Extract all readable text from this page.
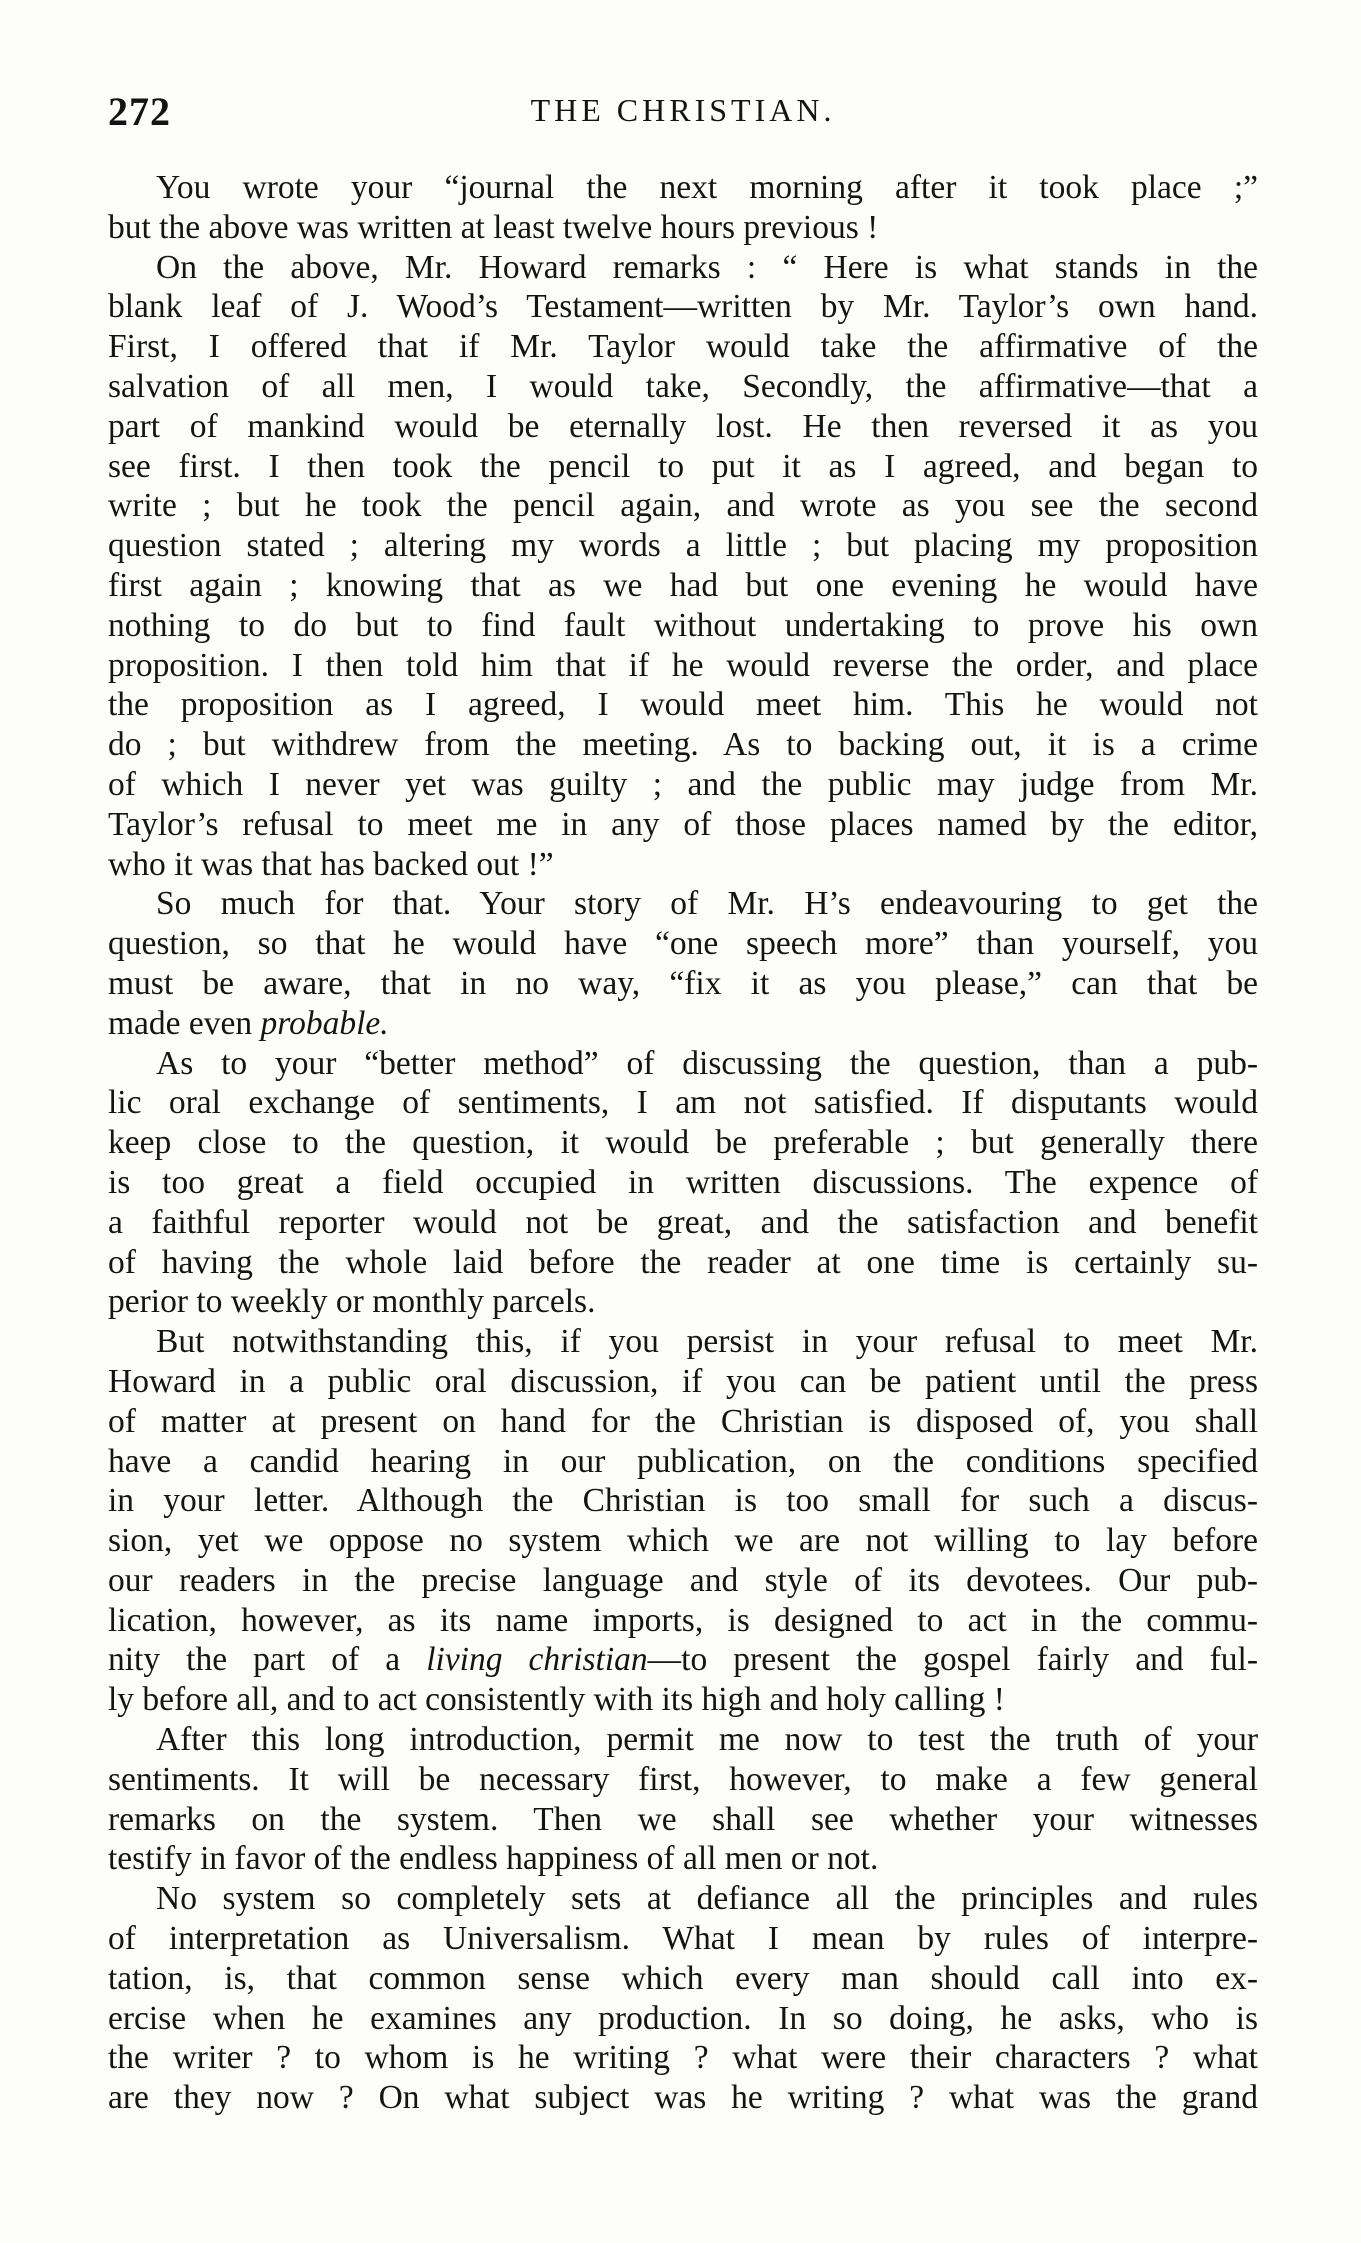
272	THE CHRISTIAN.
You wrote your “journal the next morning after it took place ;”
but the above was written at least twelve hours previous !
On the above, Mr. Howard remarks : “ Here is what stands in the
blank leaf of J. Wood’s Testament—written by Mr. Taylor’s own hand.
First, I offered that if Mr. Taylor would take the affirmative of the
salvation of all men, I would take, Secondly, the affirmative—that a
part of mankind would be eternally lost. He then reversed it as you
see first. I then took the pencil to put it as I agreed, and began to
write ; but he took the pencil again, and wrote as you see the second
question stated ; altering my words a little ; but placing my proposition
first again ; knowing that as we had but one evening he would have
nothing to do but to find fault without undertaking to prove his own
proposition. I then told him that if he would reverse the order, and place
the proposition as I agreed, I would meet him. This he would not
do ; but withdrew from the meeting. As to backing out, it is a crime
of which I never yet was guilty ; and the public may judge from Mr.
Taylor’s refusal to meet me in any of those places named by the editor,
who it was that has backed out !”
So much for that. Your story of Mr. H’s endeavouring to get the
question, so that he would have “one speech more” than yourself, you
must be aware, that in no way, “fix it as you please,” can that be
made even probable.
As to your “better method” of discussing the question, than a pub-
lic oral exchange of sentiments, I am not satisfied. If disputants would
keep close to the question, it would be preferable ; but generally there
is too great a field occupied in written discussions. The expence of
a faithful reporter would not be great, and the satisfaction and benefit
of having the whole laid before the reader at one time is certainly su-
perior to weekly or monthly parcels.
But notwithstanding this, if you persist in your refusal to meet Mr.
Howard in a public oral discussion, if you can be patient until the press
of matter at present on hand for the Christian is disposed of, you shall
have a candid hearing in our publication, on the conditions specified
in your letter. Although the Christian is too small for such a discus-
sion, yet we oppose no system which we are not willing to lay before
our readers in the precise language and style of its devotees. Our pub-
lication, however, as its name imports, is designed to act in the commu-
nity the part of a living christian—to present the gospel fairly and ful-
ly before all, and to act consistently with its high and holy calling !
After this long introduction, permit me now to test the truth of your
sentiments. It will be necessary first, however, to make a few general
remarks on the system. Then we shall see whether your witnesses
testify in favor of the endless happiness of all men or not.
No system so completely sets at defiance all the principles and rules
of interpretation as Universalism. What I mean by rules of interpre-
tation, is, that common sense which every man should call into ex-
ercise when he examines any production. In so doing, he asks, who is
the writer ? to whom is he writing ? what were their characters ? what
are they now ? On what subject was he writing ? what was the grand
